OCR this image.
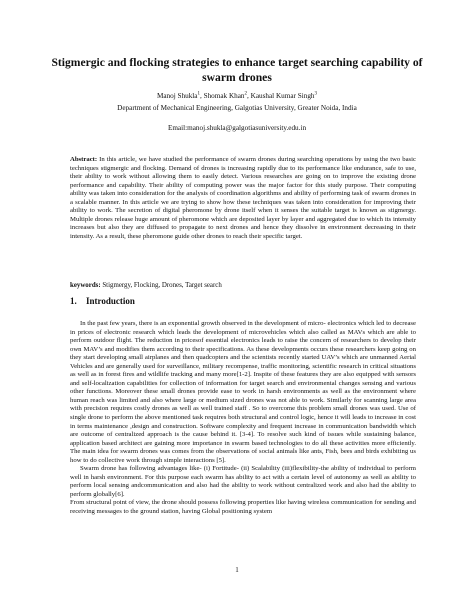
Stigmergic and flocking strategies to enhance target searching capability of swarm drones
Manoj Shukla$^1$, Shomak Khan$^2$, Kaushal Kumar Singh$^3$
Department of Mechanical Engineering, Galgotias University, Greater Noida, India
Email:manoj.shukla@galgotiasuniversity.edu.in

Abstract: In this article, we have studied the performance of swarm drones during searching operations by using the two basic techniques stigmergic and flocking. Demand of drones is increasing rapidly due to its performance like endurance, safe to use, their ability to work without allowing them to easily detect. Various researches are going on to improve the existing drone performance and capability. Their ability of computing power was the major factor for this study purpose. Their computing ability was taken into consideration for the analysis of coordination algorithms and ability of performing task of swarm drones in a scalable manner. In this article we are trying to show how these techniques was taken into consideration for improving their ability to work. The secretion of digital pheromone by drone itself when it senses the suitable target is known as stigmergy. Multiple drones release huge amount of pheromone which are deposited layer by layer and aggregated due to which its intensity increases but also they are diffused to propagate to next drones and hence they dissolve in environment decreasing in their intensity. As a result, these pheromone guide other drones to reach their specific target.

keywords: Stigmergy, Flocking, Drones, Target search
1. Introduction

In the past few years, there is an exponential growth observed in the development of micro- electronics which led to decrease in prices of electronic research which leads the development of microvehicles which also called as MAVs which are able to perform outdoor flight. The reduction in pricesof essential electronics leads to raise the concern of researchers to develop their own MAV’s and modifies them according to their specifications. As these developments occurs these researchers keep going on they start developing small airplanes and then quadcopters and the scientists recently started UAV’s which are unmanned Aerial Vehicles and are generally used for surveillance, military recompense, traffic monitoring, scientific research in critical situations as well as in forest fires and wildlife tracking and many more[1-2]. Inspite of these features they are also equipped with sensors and self-localization capabilities for collection of information for target search and environmental changes sensing and various other functions. Moreover these small drones provide ease to work in harsh environments as well as the environment where human reach was limited and also where large or medium sized drones was not able to work. Similarly for scanning large area with precision requires costly drones as well as well trained staff . So to overcome this problem small drones was used. Use of single drone to perform the above mentioned task requires both structural and control logic, hence it will leads to increase in cost in terms maintenance ,design and construction. Software complexity and frequent increase in communication bandwidth which are outcome of centralized approach is the cause behind it. [3-4]. To resolve such kind of issues while sustaining balance, application based architect are gaining more importance in swarm based technologies to do all these activities more efficiently. The main idea for swarm drones was comes from the observations of social animals like ants, Fish, bees and birds exhibiting us how to do collective work through simple interactions [5].

Swarm drone has following advantages like- (i) Fortitude- (ii) Scalability (iii)flexibility-the ability of individual to perform well in harsh environment. For this purpose each swarm has ability to act with a certain level of autonomy as well as ability to perform local sensing andcommunication and also had the ability to work without centralized work and also had the ability to perform globally[6].

From structural point of view, the drone should possess following properties like having wireless communication for sending and receiving messages to the ground station, having Global positioning system

1
